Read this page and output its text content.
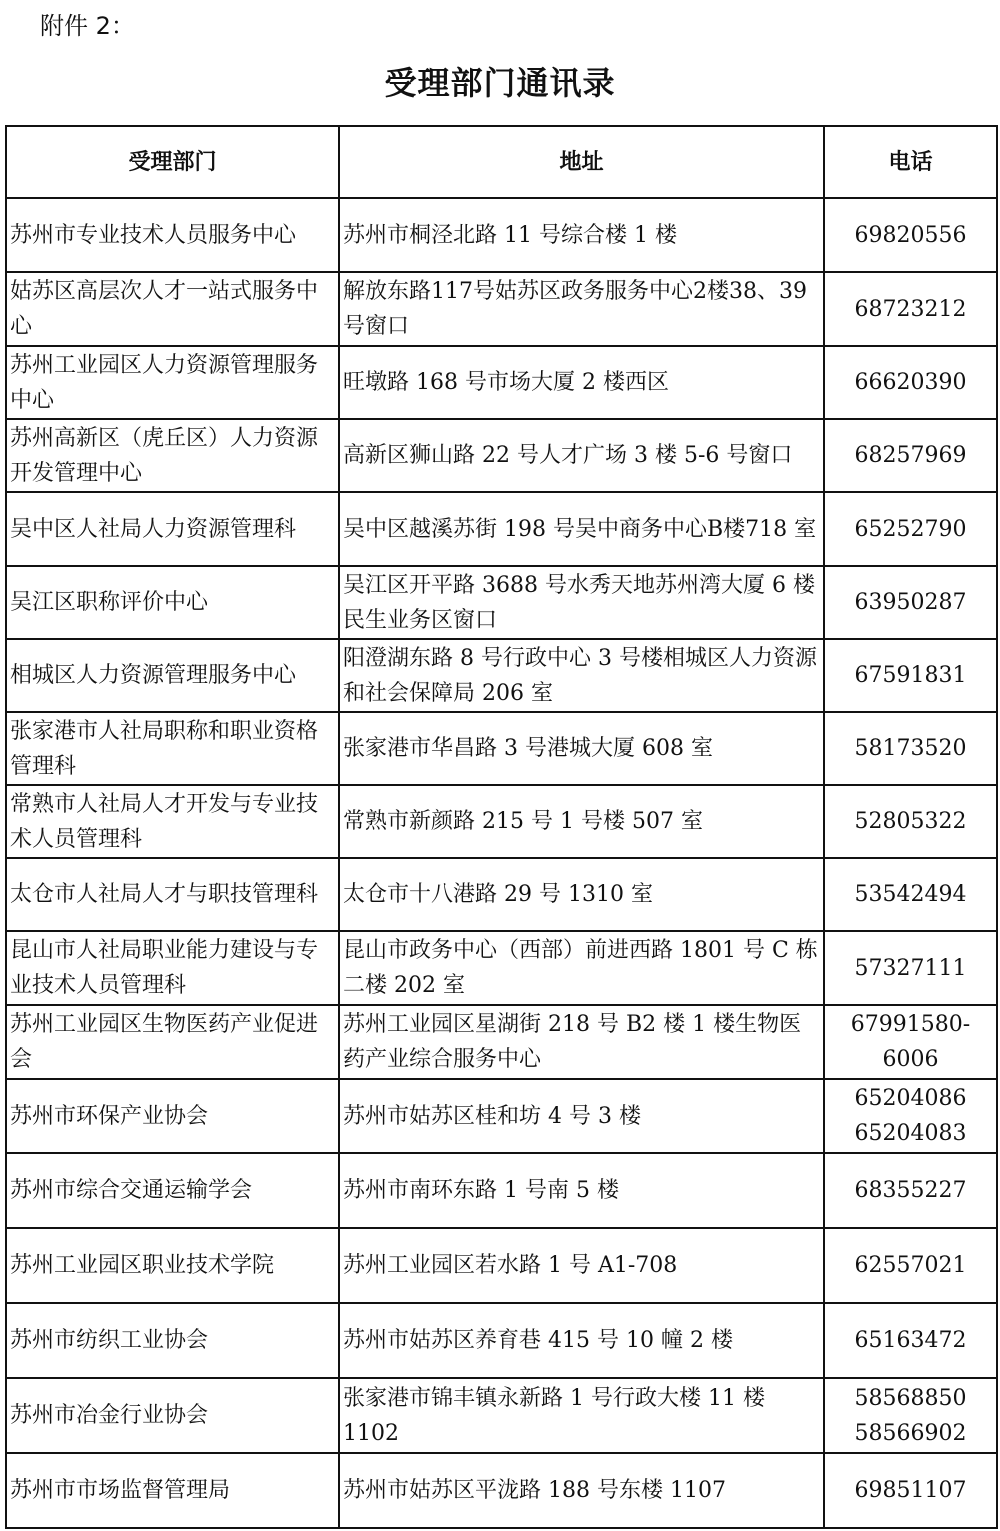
附件 2：
受理部门通讯录
受理部门	地址	电话
苏州市专业技术人员服务中心	苏州市桐泾北路 11 号综合楼 1 楼	69820556

姑苏区高层次人才一站式服务中心	解放东路117号姑苏区政务服务中心2楼38、39 号窗口	68723212

苏州工业园区人力资源管理服务中心	旺墩路 168 号市场大厦 2 楼西区	66620390

苏州高新区（虎丘区）人力资源开发管理中心	高新区狮山路 22 号人才广场 3 楼 5-6 号窗口	68257969

吴中区人社局人力资源管理科	吴中区越溪苏街 198 号吴中商务中心B楼718 室	65252790

吴江区职称评价中心	吴江区开平路 3688 号水秀天地苏州湾大厦 6 楼民生业务区窗口	63950287

相城区人力资源管理服务中心	阳澄湖东路 8 号行政中心 3 号楼相城区人力资源和社会保障局 206 室	67591831

张家港市人社局职称和职业资格管理科	张家港市华昌路 3 号港城大厦 608 室	58173520

常熟市人社局人才开发与专业技术人员管理科	常熟市新颜路 215 号 1 号楼 507 室	52805322

太仓市人社局人才与职技管理科	太仓市十八港路 29 号 1310 室	53542494

昆山市人社局职业能力建设与专业技术人员管理科	昆山市政务中心（西部）前进西路 1801 号 C 栋二楼 202 室	57327111

苏州工业园区生物医药产业促进会	苏州工业园区星湖街 218 号 B2 楼 1 楼生物医药产业综合服务中心	67991580-6006

苏州市环保产业协会	苏州市姑苏区桂和坊 4 号 3 楼	65204086
65204083

苏州市综合交通运输学会	苏州市南环东路 1 号南 5 楼	68355227

苏州工业园区职业技术学院	苏州工业园区若水路 1 号 A1-708	62557021

苏州市纺织工业协会	苏州市姑苏区养育巷 415 号 10 幢 2 楼	65163472

苏州市冶金行业协会	张家港市锦丰镇永新路 1 号行政大楼 11 楼 1102	58568850
58566902

苏州市市场监督管理局	苏州市姑苏区平泷路 188 号东楼 1107	69851107
